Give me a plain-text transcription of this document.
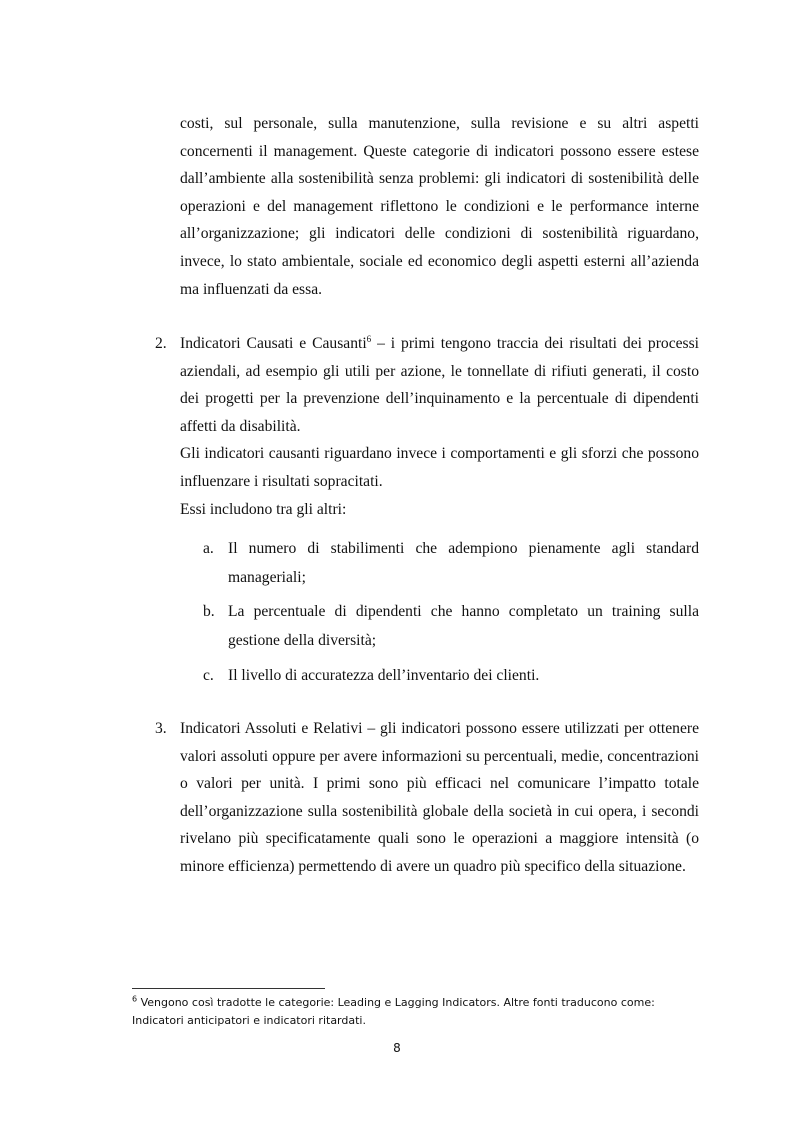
costi, sul personale, sulla manutenzione, sulla revisione e su altri aspetti concernenti il management. Queste categorie di indicatori possono essere estese dall’ambiente alla sostenibilità senza problemi: gli indicatori di sostenibilità delle operazioni e del management riflettono le condizioni e le performance interne all’organizzazione; gli indicatori delle condizioni di sostenibilità riguardano, invece, lo stato ambientale, sociale ed economico degli aspetti esterni all’azienda ma influenzati da essa.

2. Indicatori Causati e Causanti$^6$ – i primi tengono traccia dei risultati dei processi aziendali, ad esempio gli utili per azione, le tonnellate di rifiuti generati, il costo dei progetti per la prevenzione dell’inquinamento e la percentuale di dipendenti affetti da disabilità.

Gli indicatori causanti riguardano invece i comportamenti e gli sforzi che possono influenzare i risultati sopracitati.

Essi includono tra gli altri:

a. Il numero di stabilimenti che adempiono pienamente agli standard manageriali;
b. La percentuale di dipendenti che hanno completato un training sulla gestione della diversità;
c. Il livello di accuratezza dell’inventario dei clienti.
3. Indicatori Assoluti e Relativi – gli indicatori possono essere utilizzati per ottenere valori assoluti oppure per avere informazioni su percentuali, medie, concentrazioni o valori per unità. I primi sono più efficaci nel comunicare l’impatto totale dell’organizzazione sulla sostenibilità globale della società in cui opera, i secondi rivelano più specificatamente quali sono le operazioni a maggiore intensità (o minore efficienza) permettendo di avere un quadro più specifico della situazione.

$^6$ Vengono così tradotte le categorie: Leading e Lagging Indicators. Altre fonti traducono come: Indicatori anticipatori e indicatori ritardati.
8
